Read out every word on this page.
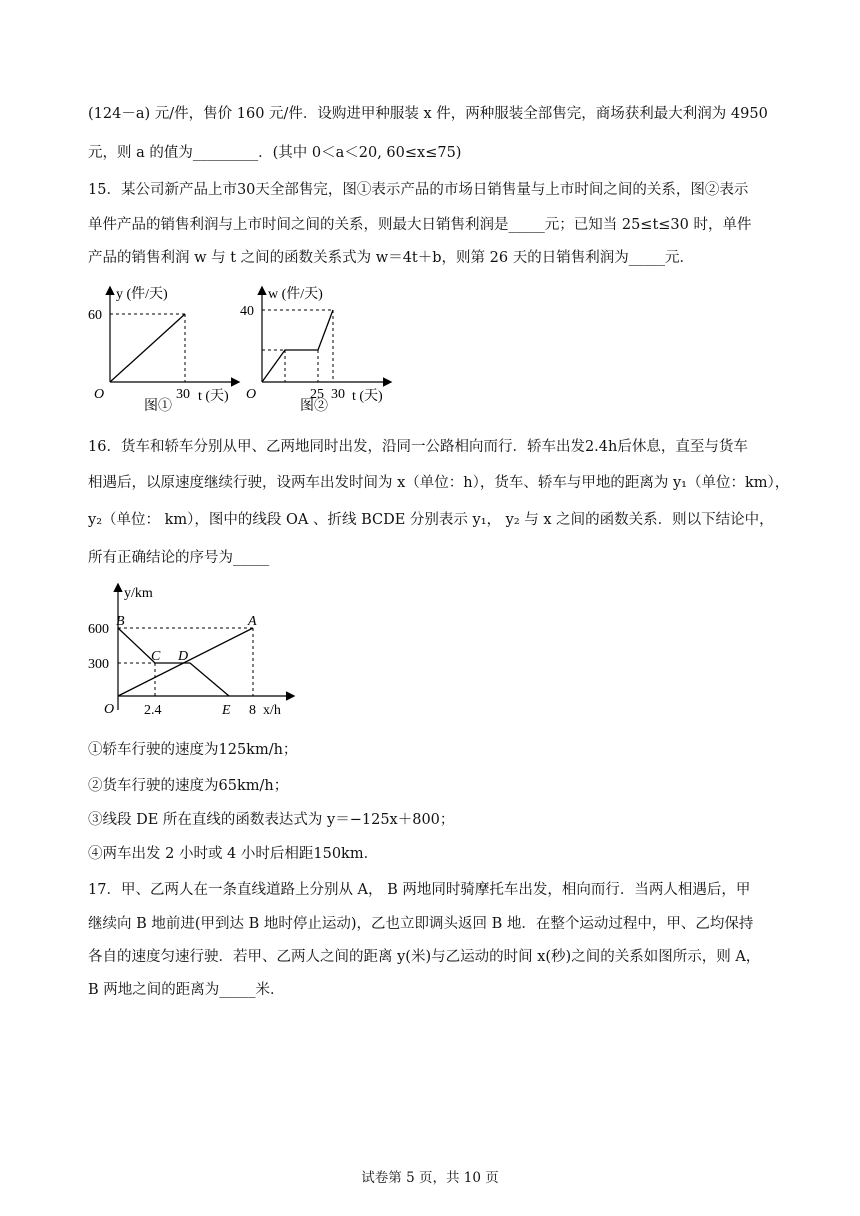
(124－a) 元/件，售价 160 元/件．设购进甲种服装 x 件，两种服装全部售完，商场获利最大利润为 4950
元，则 a 的值为_________．(其中 0＜a＜20, 60≤x≤75)
15．某公司新产品上市30天全部售完，图①表示产品的市场日销售量与上市时间之间的关系，图②表示
单件产品的销售利润与上市时间之间的关系，则最大日销售利润是_____元；已知当 25≤t≤30 时，单件
产品的销售利润 w 与 t 之间的函数关系式为 w＝4t＋b，则第 26 天的日销售利润为_____元．
y (件/天)
60
O	30 t (天)
图①
w (件/天)
40
O	25 30 t (天)
图②
16．货车和轿车分别从甲、乙两地同时出发，沿同一公路相向而行．轿车出发2.4h后休息，直至与货车
相遇后，以原速度继续行驶，设两车出发时间为 x（单位：h），货车、轿车与甲地的距离为 y₁（单位：km），
y₂（单位： km），图中的线段 OA 、折线 BCDE 分别表示 y₁， y₂ 与 x 之间的函数关系．则以下结论中，
所有正确结论的序号为_____
y/km
B	A
600
300
C D
O 2.4	E 8 x/h
①轿车行驶的速度为125km/h；
②货车行驶的速度为65km/h；
③线段 DE 所在直线的函数表达式为 y＝−125x＋800；
④两车出发 2 小时或 4 小时后相距150km．
17．甲、乙两人在一条直线道路上分别从 A， B 两地同时骑摩托车出发，相向而行．当两人相遇后，甲
继续向 B 地前进(甲到达 B 地时停止运动)，乙也立即调头返回 B 地．在整个运动过程中，甲、乙均保持
各自的速度匀速行驶．若甲、乙两人之间的距离 y(米)与乙运动的时间 x(秒)之间的关系如图所示，则 A，
B 两地之间的距离为_____米．
试卷第 5 页，共 10 页
